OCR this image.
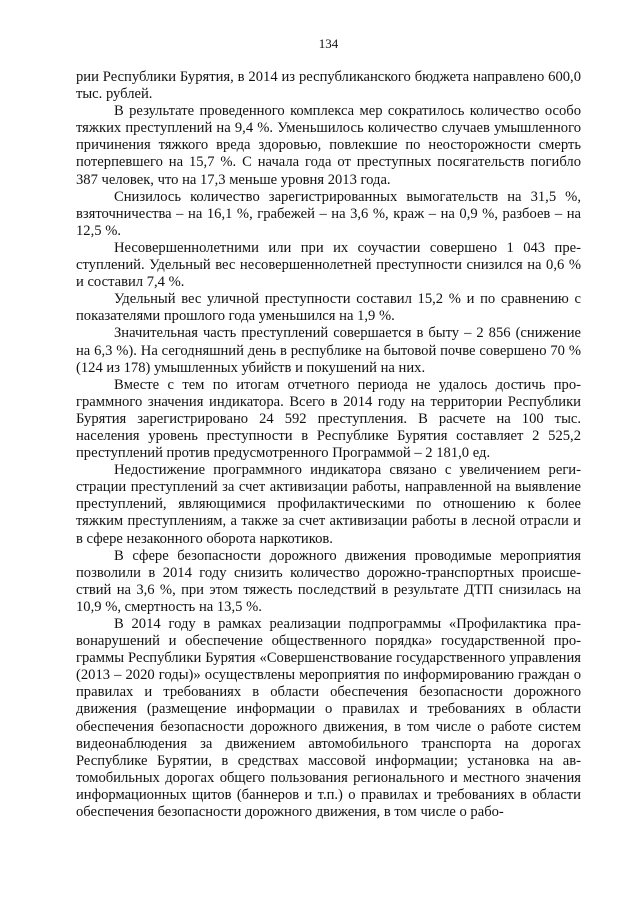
134

рии Республики Бурятия, в 2014 из республиканского бюджета направлено 600,0 тыс. рублей.

В результате проведенного комплекса мер сократилось количество особо тяжких преступлений на 9,4 %. Уменьшилось количество случаев умышленного причинения тяжкого вреда здоровью, повлекшие по неосторожности смерть потерпевшего на 15,7 %. С начала года от преступных посягательств погибло 387 человек, что на 17,3 меньше уровня 2013 года.

Снизилось количество зарегистрированных вымогательств на 31,5 %, взяточничества – на 16,1 %, грабежей – на 3,6 %, краж – на 0,9 %, разбоев – на 12,5 %.

Несовершеннолетними или при их соучастии совершено 1 043 преступлений. Удельный вес несовершеннолетней преступности снизился на 0,6 % и составил 7,4 %.

Удельный вес уличной преступности составил 15,2 % и по сравнению с показателями прошлого года уменьшился на 1,9 %.

Значительная часть преступлений совершается в быту – 2 856 (снижение на 6,3 %). На сегодняшний день в республике на бытовой почве совершено 70 % (124 из 178) умышленных убийств и покушений на них.

Вместе с тем по итогам отчетного периода не удалось достичь программного значения индикатора. Всего в 2014 году на территории Республики Бурятия зарегистрировано 24 592 преступления. В расчете на 100 тыс. населения уровень преступности в Республике Бурятия составляет 2 525,2 преступлений против предусмотренного Программой – 2 181,0 ед.

Недостижение программного индикатора связано с увеличением регистрации преступлений за счет активизации работы, направленной на выявление преступлений, являющимися профилактическими по отношению к более тяжким преступлениям, а также за счет активизации работы в лесной отрасли и в сфере незаконного оборота наркотиков.

В сфере безопасности дорожного движения проводимые мероприятия позволили в 2014 году снизить количество дорожно-транспортных происшествий на 3,6 %, при этом тяжесть последствий в результате ДТП снизилась на 10,9 %, смертность на 13,5 %.

В 2014 году в рамках реализации подпрограммы «Профилактика правонарушений и обеспечение общественного порядка» государственной программы Республики Бурятия «Совершенствование государственного управления (2013 – 2020 годы)» осуществлены мероприятия по информированию граждан о правилах и требованиях в области обеспечения безопасности дорожного движения (размещение информации о правилах и требованиях в области обеспечения безопасности дорожного движения, в том числе о работе систем видеонаблюдения за движением автомобильного транспорта на дорогах Республике Бурятии, в средствах массовой информации; установка на автомобильных дорогах общего пользования регионального и местного значения информационных щитов (баннеров и т.п.) о правилах и требованиях в области обеспечения безопасности дорожного движения, в том числе о рабо-
